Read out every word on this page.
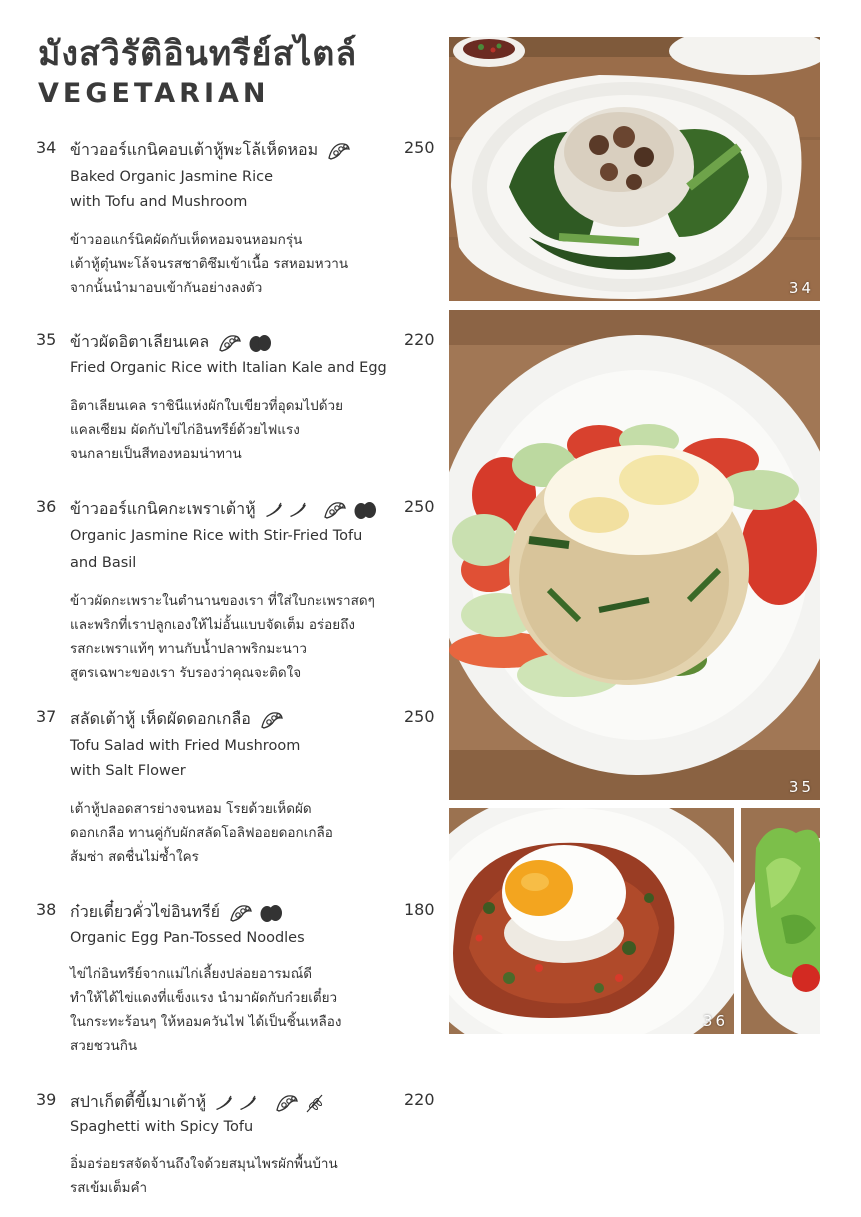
มังสวิรัติอินทรีย์สไตล์
VEGETARIAN
34 ข้าวออร์แกนิคอบเต้าหู้พะโล้เห็ดหอม	250
Baked Organic Jasmine Rice
with Tofu and Mushroom
ข้าวออแกร์นิคผัดกับเห็ดหอมจนหอมกรุ่น
เต้าหู้ตุ๋นพะโล้จนรสชาติซึมเข้าเนื้อ รสหอมหวาน
จากนั้นนำมาอบเข้ากันอย่างลงตัว
35 ข้าวผัดอิตาเลียนเคล	220
Fried Organic Rice with Italian Kale and Egg
อิตาเลียนเคล ราชินีแห่งผักใบเขียวที่อุดมไปด้วย
แคลเซียม ผัดกับไข่ไก่อินทรีย์ด้วยไฟแรง
จนกลายเป็นสีทองหอมน่าทาน
36 ข้าวออร์แกนิคกะเพราเต้าหู้	250
Organic Jasmine Rice with Stir-Fried Tofu
and Basil
ข้าวผัดกะเพราะในตำนานของเรา ที่ใส่ใบกะเพราสดๆ
และพริกที่เราปลูกเองให้ไม่อั้นแบบจัดเต็ม อร่อยถึง
รสกะเพราแท้ๆ ทานกับน้ำปลาพริกมะนาว
สูตรเฉพาะของเรา รับรองว่าคุณจะติดใจ
37 สลัดเต้าหู้ เห็ดผัดดอกเกลือ	250
Tofu Salad with Fried Mushroom
with Salt Flower
เต้าหู้ปลอดสารย่างจนหอม โรยด้วยเห็ดผัด
ดอกเกลือ ทานคู่กับผักสลัดโอลิฟออยดอกเกลือ
ส้มซ่า สดชื่นไม่ซ้ำใคร
38 ก๋วยเตี๋ยวคั่วไข่อินทรีย์	180
Organic Egg Pan-Tossed Noodles
ไข่ไก่อินทรีย์จากแม่ไก่เลี้ยงปล่อยอารมณ์ดี
ทำให้ได้ไข่แดงที่แข็งแรง นำมาผัดกับก๋วยเตี๋ยว
ในกระทะร้อนๆ ให้หอมควันไฟ ได้เป็นชิ้นเหลือง
สวยชวนกิน
39 สปาเก็ตตี้ขี้เมาเต้าหู้	220
Spaghetti with Spicy Tofu
อิ่มอร่อยรสจัดจ้านถึงใจด้วยสมุนไพรผักพื้นบ้าน
รสเข้มเต็มคำ
34
35
36
